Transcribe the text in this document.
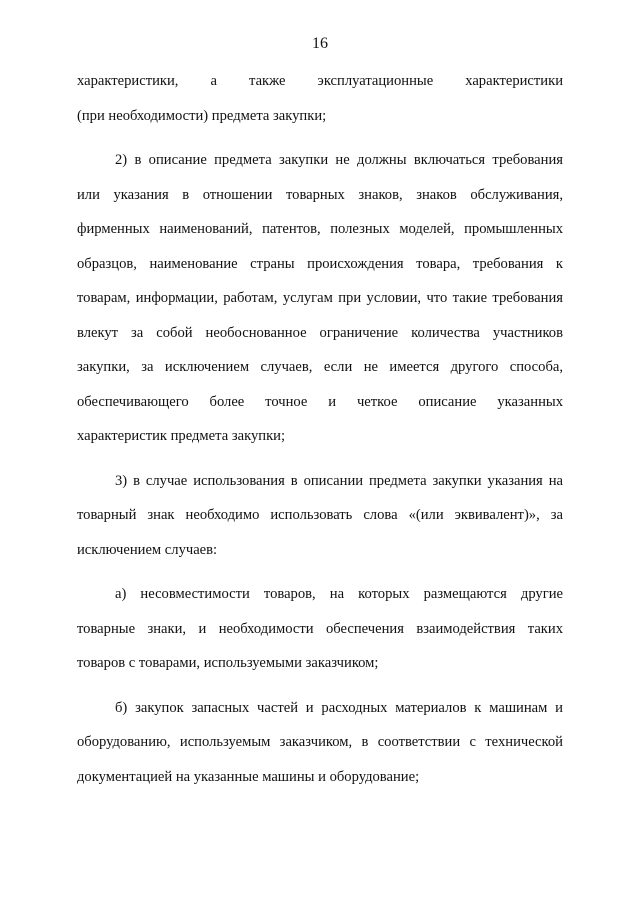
16
характеристики, а также эксплуатационные характеристики
(при необходимости) предмета закупки;
2) в описание предмета закупки не должны включаться требования
или указания в отношении товарных знаков, знаков обслуживания,
фирменных наименований, патентов, полезных моделей, промышленных
образцов, наименование страны происхождения товара, требования к
товарам, информации, работам, услугам при условии, что такие требования
влекут за собой необоснованное ограничение количества участников
закупки, за исключением случаев, если не имеется другого способа,
обеспечивающего более точное и четкое описание указанных
характеристик предмета закупки;
3) в случае использования в описании предмета закупки указания на
товарный знак необходимо использовать слова «(или эквивалент)», за
исключением случаев:
а) несовместимости товаров, на которых размещаются другие
товарные знаки, и необходимости обеспечения взаимодействия таких
товаров с товарами, используемыми заказчиком;
б) закупок запасных частей и расходных материалов к машинам и
оборудованию, используемым заказчиком, в соответствии с технической
документацией на указанные машины и оборудование;
